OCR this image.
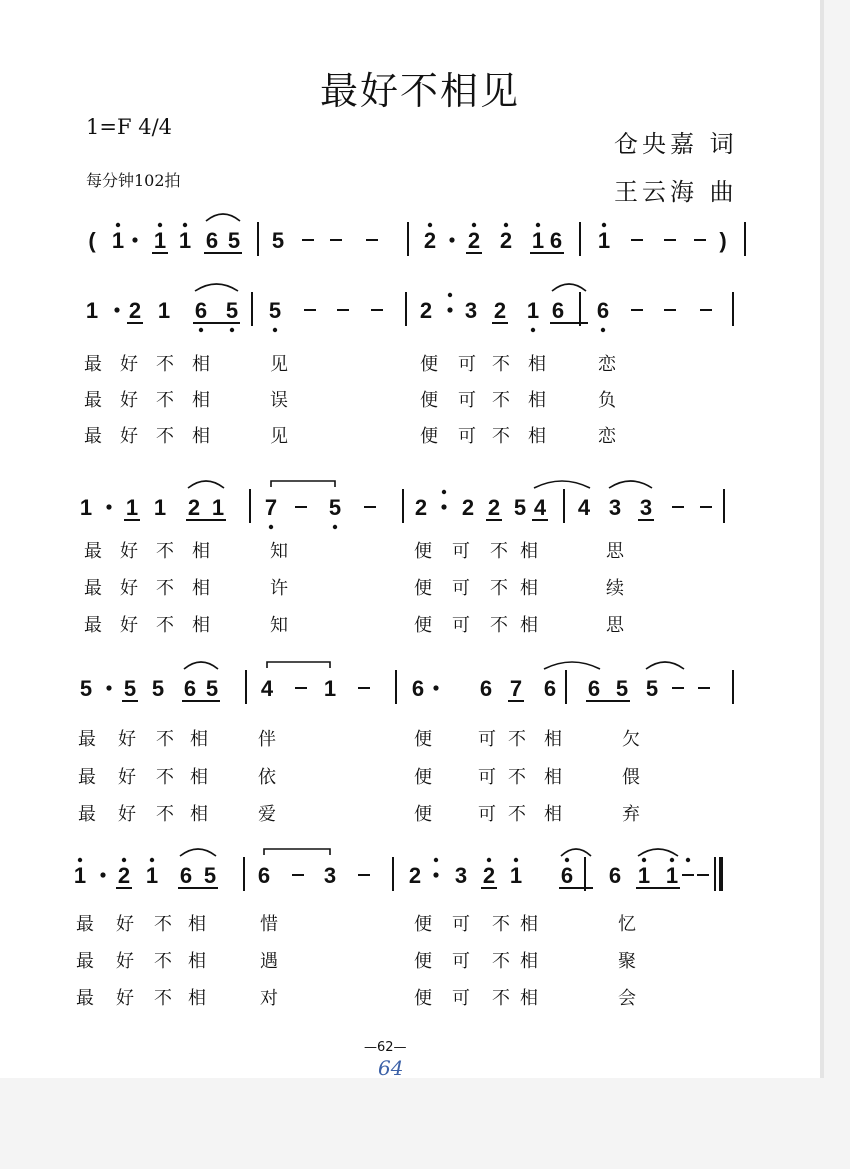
最好不相见
1=F 4/4
每分钟102拍
仓央嘉 词
王云海 曲
( 1 1 1 6 5 5	2 2 2 1 6 1	)
1 2 1 6 5 5	2 3 2 1 6 6
最 好 不 相	见	便 可 不 相	恋
最 好 不 相	误	便 可 不 相	负
最 好 不 相	见	便 可 不 相	恋
1 1 1 2 1 7 5	2 2 2 5 4 4 3 3
最 好 不 相	知	便 可 不 相	思
最 好 不 相	许	便 可 不 相	续
最 好 不 相	知	便 可 不 相	思
5 5 5 6 5 4 1	6	6 7 6 6 5 5
最 好 不 相	伴	便	可 不 相	欠
最 好 不 相	依	便	可 不 相	偎
最 好 不 相	爱	便	可 不 相	弃
1 2 1 6 5 6 3	2 3 2 1 6 6 1 1
最 好 不 相	惜	便 可 不 相	忆
最 好 不 相	遇	便 可 不 相	聚
最 好 不 相	对	便 可 不 相	会
—62—
64
